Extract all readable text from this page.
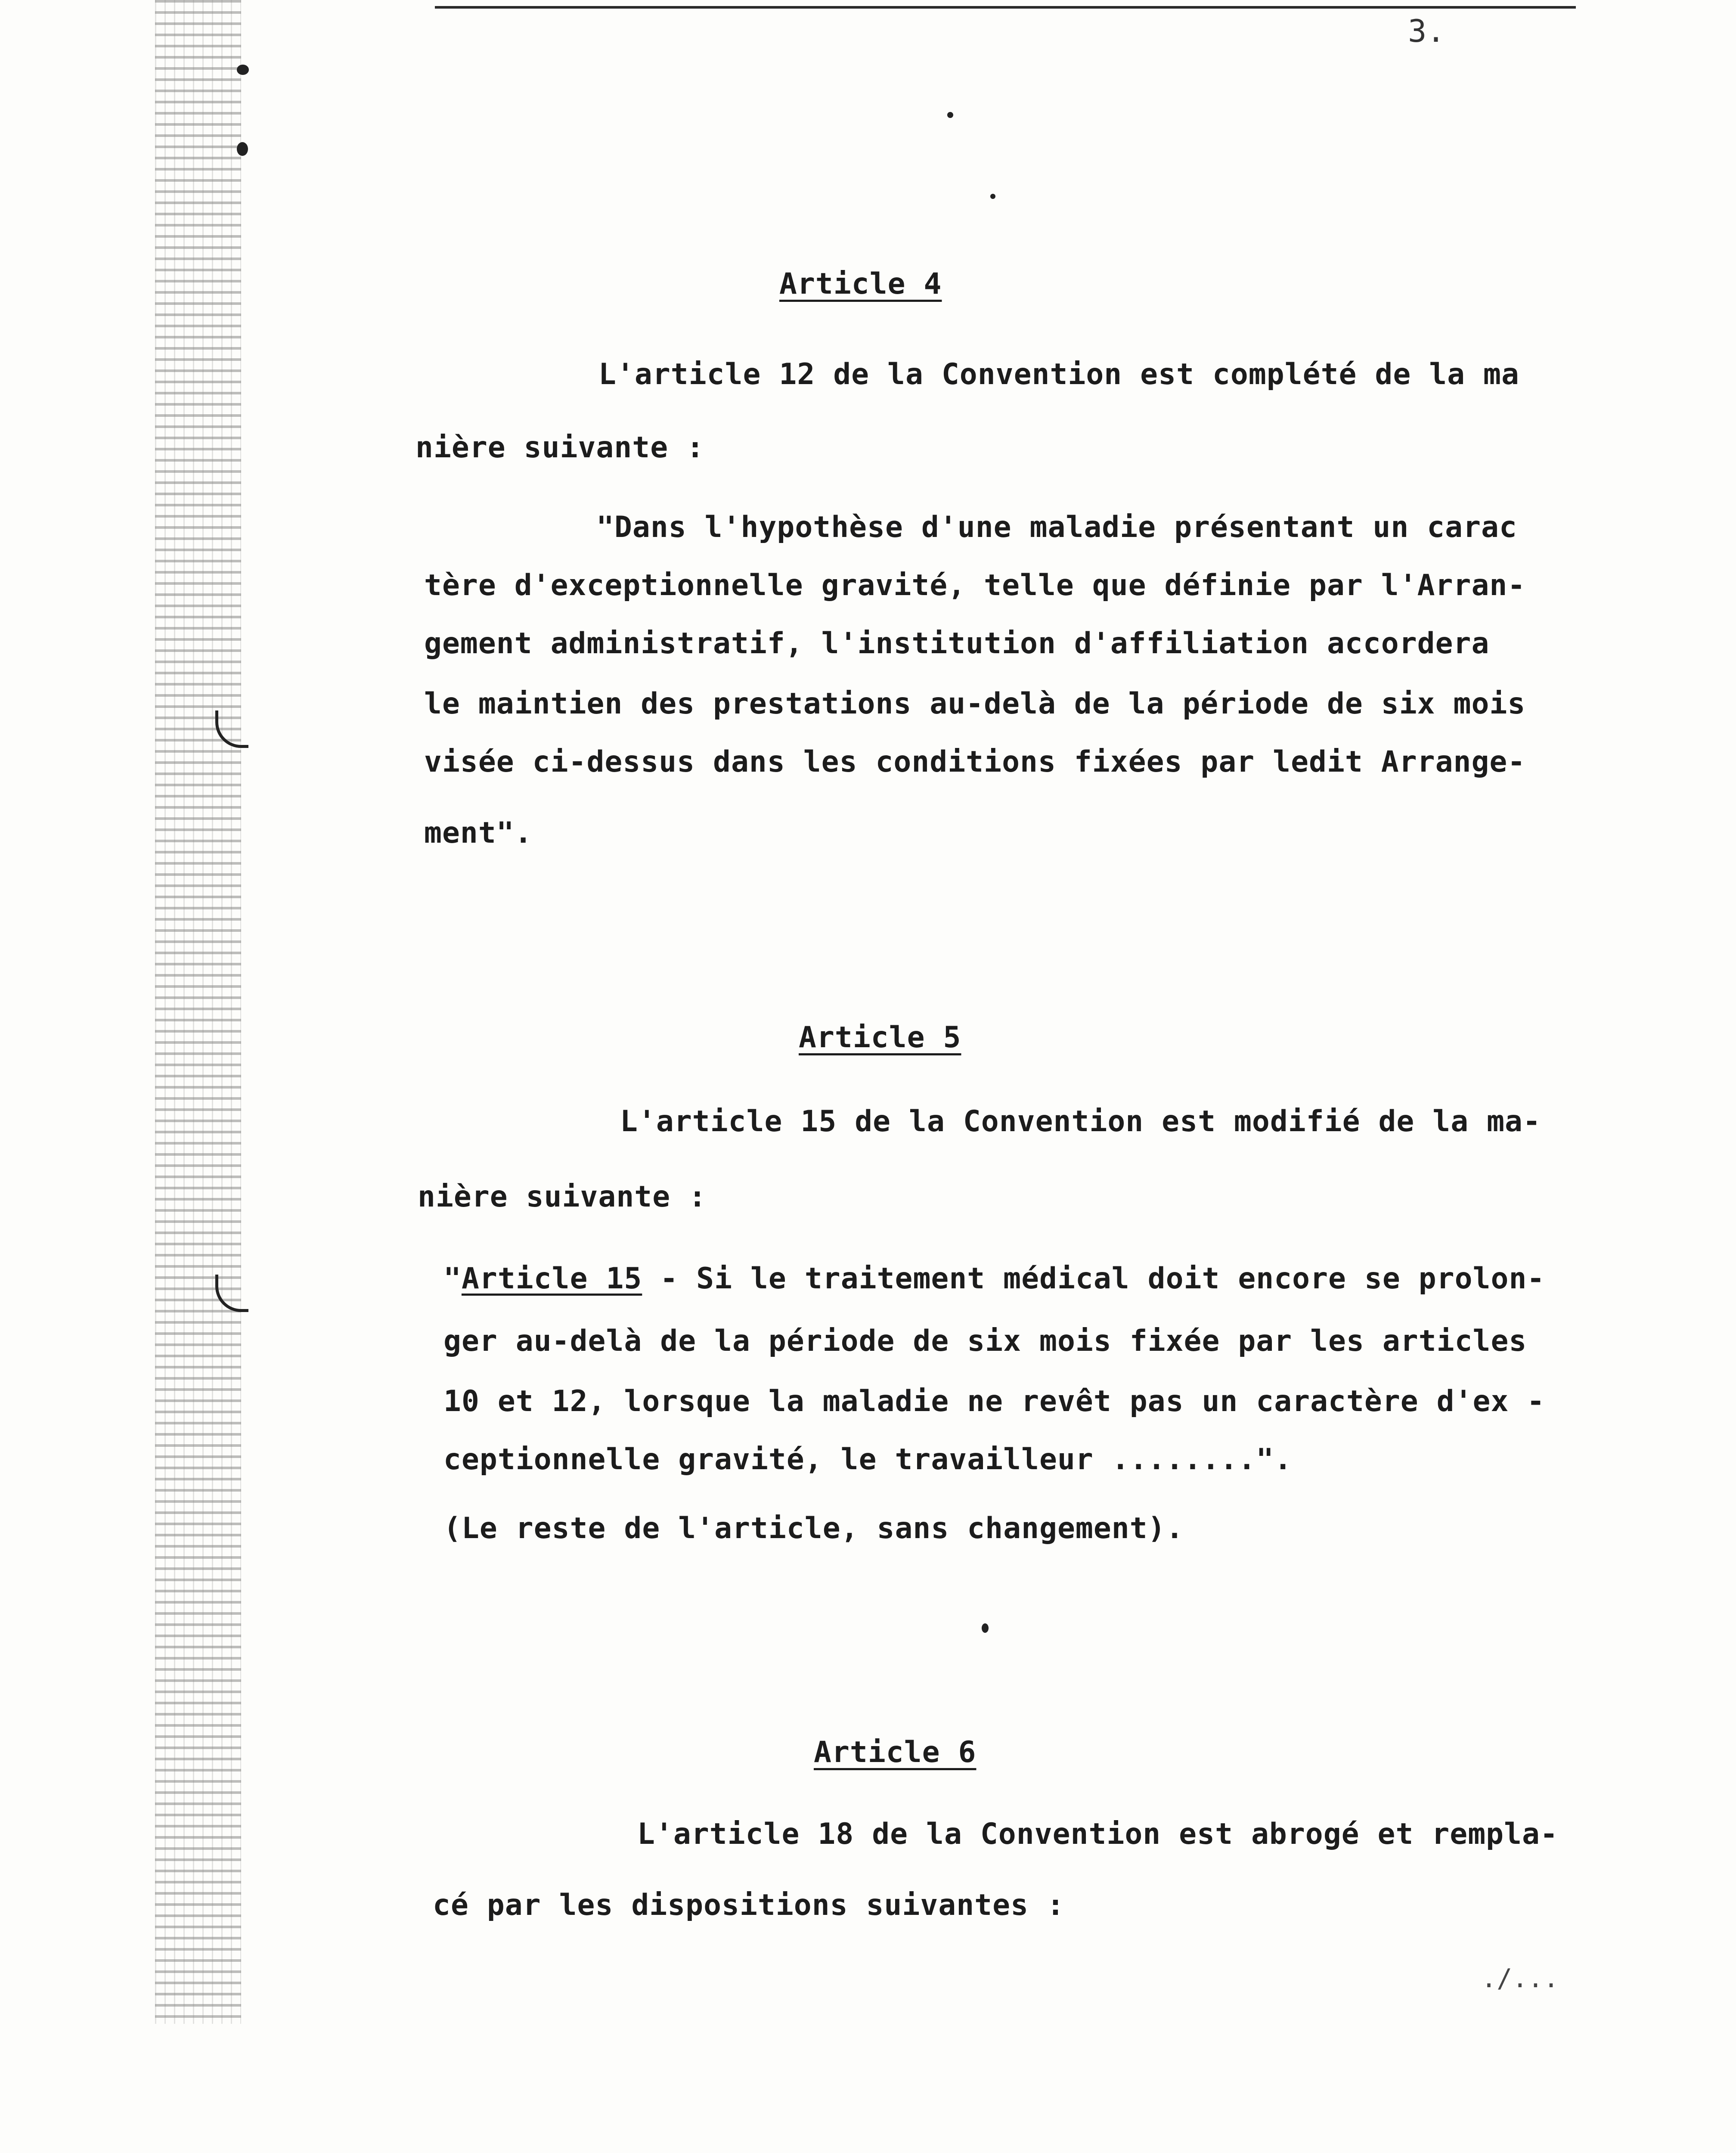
3.
Article 4
L'article 12 de la Convention est complété de la ma
nière suivante :
"Dans l'hypothèse d'une maladie présentant un carac
tère d'exceptionnelle gravité, telle que définie par l'Arran-
gement administratif, l'institution d'affiliation accordera
le maintien des prestations au-delà de la période de six mois
visée ci-dessus dans les conditions fixées par ledit Arrange-
ment".
Article 5
L'article 15 de la Convention est modifié de la ma-
nière suivante :
"Article 15 - Si le traitement médical doit encore se prolon-
ger au-delà de la période de six mois fixée par les articles
10 et 12, lorsque la maladie ne revêt pas un caractère d'ex -
ceptionnelle gravité, le travailleur ........".
(Le reste de l'article, sans changement).
Article 6
L'article 18 de la Convention est abrogé et rempla-
cé par les dispositions suivantes :
./...
